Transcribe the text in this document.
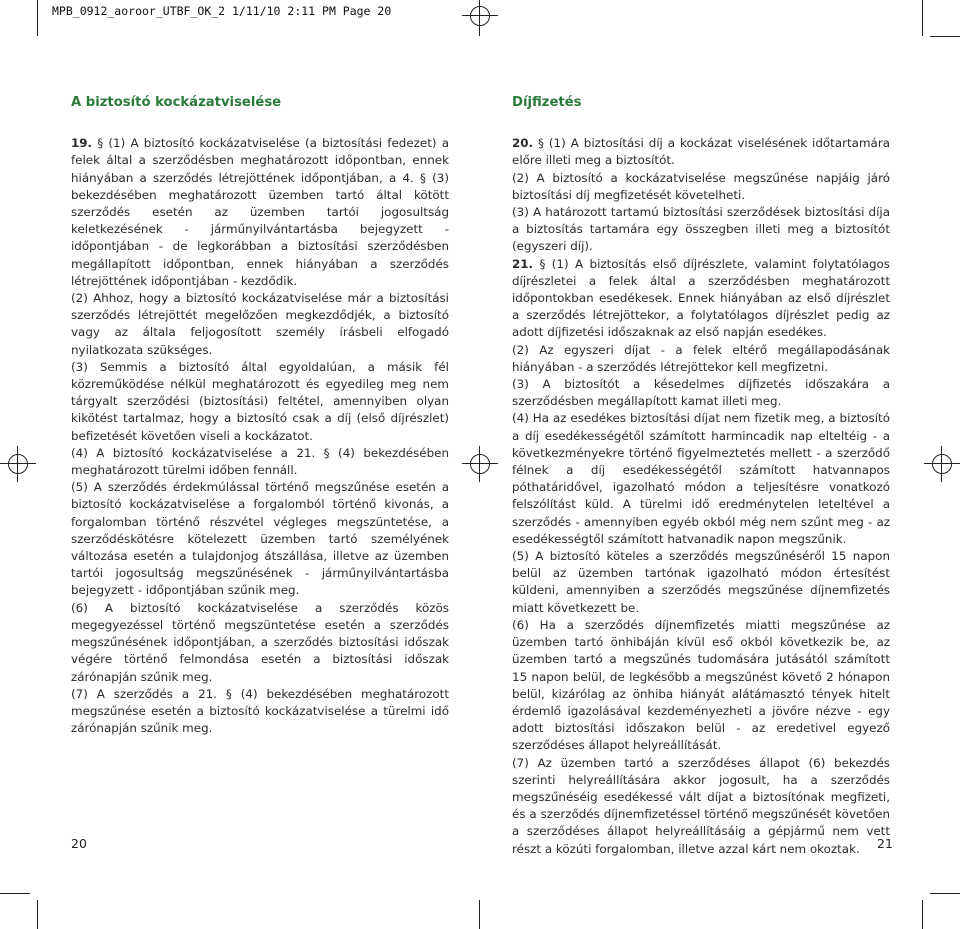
MPB_0912_aoroor_UTBF_OK_2 1/11/10 2:11 PM Page 20
A biztosító kockázatviselése

19. § (1) A biztosító kockázatviselése (a biztosítási fedezet) a felek által a szerződésben meghatározott időpontban, ennek hiányában a szerződés létrejöttének időpontjában, a 4. § (3) bekezdésében meghatározott üzemben tartó által kötött szerződés esetén az üzemben tartói jogosultság keletkezésének - járműnyilvántartásba bejegyzett - időpontjában - de legkorábban a biztosítási szerződésben megállapított időpontban, ennek hiányában a szerződés létrejöttének időpontjában - kezdődik.

(2) Ahhoz, hogy a biztosító kockázatviselése már a biztosítási szerződés létrejöttét megelőzően megkezdődjék, a biztosító vagy az általa feljogosított személy írásbeli elfogadó nyilatkozata szükséges.

(3) Semmis a biztosító által egyoldalúan, a másik fél közreműködése nélkül meghatározott és egyedileg meg nem tárgyalt szerződési (biztosítási) feltétel, amennyiben olyan kikötést tartalmaz, hogy a biztosító csak a díj (első díjrészlet) befizetését követően viseli a kockázatot.

(4) A biztosító kockázatviselése a 21. § (4) bekezdésében meghatározott türelmi időben fennáll.

(5) A szerződés érdekmúlással történő megszűnése esetén a biztosító kockázatviselése a forgalomból történő kivonás, a forgalomban történő részvétel végleges megszüntetése, a szerződéskötésre kötelezett üzemben tartó személyének változása esetén a tulajdonjog átszállása, illetve az üzemben tartói jogosultság megszűnésének - járműnyilvántartásba bejegyzett - időpontjában szűnik meg.

(6) A biztosító kockázatviselése a szerződés közös megegyezéssel történő megszüntetése esetén a szerződés megszűnésének időpontjában, a szerződés biztosítási időszak végére történő felmondása esetén a biztosítási időszak zárónapján szűnik meg.

(7) A szerződés a 21. § (4) bekezdésében meghatározott megszűnése esetén a biztosító kockázatviselése a türelmi idő zárónapján szűnik meg.

20
Díjfizetés

20. § (1) A biztosítási díj a kockázat viselésének időtartamára előre illeti meg a biztosítót.

(2) A biztosító a kockázatviselése megszűnése napjáig járó biztosítási díj megfizetését követelheti.

(3) A határozott tartamú biztosítási szerződések biztosítási díja a biztosítás tartamára egy összegben illeti meg a biztosítót (egyszeri díj).

21. § (1) A biztosítás első díjrészlete, valamint folytatólagos díjrészletei a felek által a szerződésben meghatározott időpontokban esedékesek. Ennek hiányában az első díjrészlet a szerződés létrejöttekor, a folytatólagos díjrészlet pedig az adott díjfizetési időszaknak az első napján esedékes.

(2) Az egyszeri díjat - a felek eltérő megállapodásának hiányában - a szerződés létrejöttekor kell megfizetni.

(3) A biztosítót a késedelmes díjfizetés időszakára a szerződésben megállapított kamat illeti meg.

(4) Ha az esedékes biztosítási díjat nem fizetik meg, a biztosító a díj esedékességétől számított harmincadik nap elteltéig - a következményekre történő figyelmeztetés mellett - a szerződő félnek a díj esedékességétől számított hatvannapos póthatáridővel, igazolható módon a teljesítésre vonatkozó felszólítást küld. A türelmi idő eredménytelen leteltével a szerződés - amennyiben egyéb okból még nem szűnt meg - az esedékességtől számított hatvanadik napon megszűnik.

(5) A biztosító köteles a szerződés megszűnéséről 15 napon belül az üzemben tartónak igazolható módon értesítést küldeni, amennyiben a szerződés megszűnése díjnemfizetés miatt következett be.

(6) Ha a szerződés díjnemfizetés miatti megszűnése az üzemben tartó önhibáján kívül eső okból következik be, az üzemben tartó a megszűnés tudomására jutásától számított 15 napon belül, de legkésőbb a megszűnést követő 2 hónapon belül, kizárólag az önhiba hiányát alátámasztó tények hitelt érdemlő igazolásával kezdeményezheti a jövőre nézve - egy adott biztosítási időszakon belül - az eredetivel egyező szerződéses állapot helyreállítását.

(7) Az üzemben tartó a szerződéses állapot (6) bekezdés szerinti helyreállítására akkor jogosult, ha a szerződés megszűnéséig esedékessé vált díjat a biztosítónak megfizeti, és a szerződés díjnemfizetéssel történő megszűnését követően a szerződéses állapot helyreállításáig a gépjármű nem vett részt a közúti forgalomban, illetve azzal kárt nem okoztak.	21
